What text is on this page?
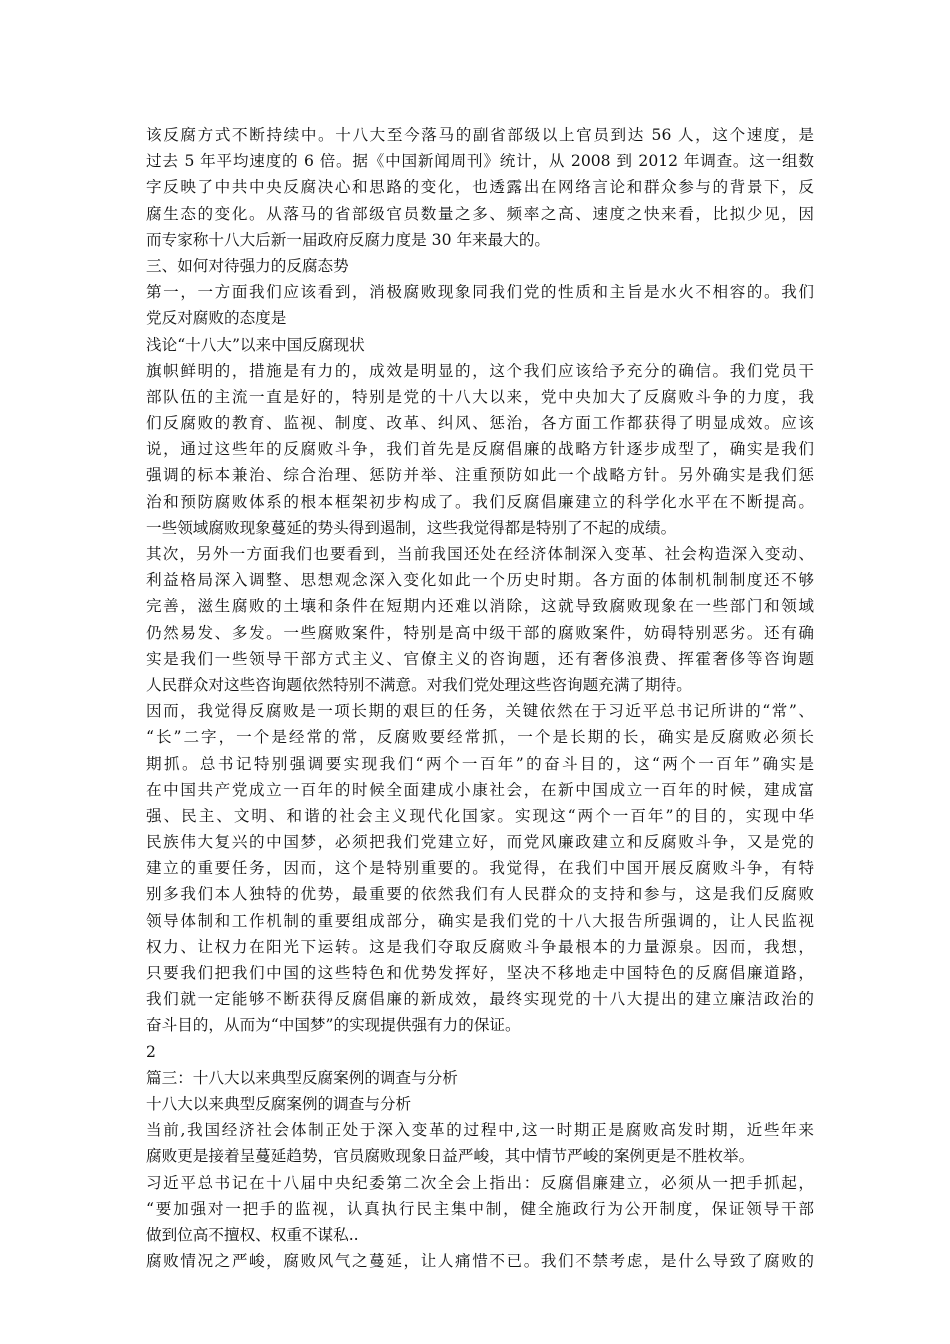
该反腐方式不断持续中。十八大至今落马的副省部级以上官员到达 56 人，这个速度，是
过去 5 年平均速度的 6 倍。据《中国新闻周刊》统计，从 2008 到 2012 年调查。这一组数
字反映了中共中央反腐决心和思路的变化，也透露出在网络言论和群众参与的背景下，反
腐生态的变化。从落马的省部级官员数量之多、频率之高、速度之快来看，比拟少见，因
而专家称十八大后新一届政府反腐力度是 30 年来最大的。
三、如何对待强力的反腐态势
第一，一方面我们应该看到，消极腐败现象同我们党的性质和主旨是水火不相容的。我们
党反对腐败的态度是
浅论“十八大”以来中国反腐现状
旗帜鲜明的，措施是有力的，成效是明显的，这个我们应该给予充分的确信。我们党员干
部队伍的主流一直是好的，特别是党的十八大以来，党中央加大了反腐败斗争的力度，我
们反腐败的教育、监视、制度、改革、纠风、惩治，各方面工作都获得了明显成效。应该
说，通过这些年的反腐败斗争，我们首先是反腐倡廉的战略方针逐步成型了，确实是我们
强调的标本兼治、综合治理、惩防并举、注重预防如此一个战略方针。另外确实是我们惩
治和预防腐败体系的根本框架初步构成了。我们反腐倡廉建立的科学化水平在不断提高。
一些领域腐败现象蔓延的势头得到遏制，这些我觉得都是特别了不起的成绩。
其次，另外一方面我们也要看到，当前我国还处在经济体制深入变革、社会构造深入变动、
利益格局深入调整、思想观念深入变化如此一个历史时期。各方面的体制机制制度还不够
完善，滋生腐败的土壤和条件在短期内还难以消除，这就导致腐败现象在一些部门和领域
仍然易发、多发。一些腐败案件，特别是高中级干部的腐败案件，妨碍特别恶劣。还有确
实是我们一些领导干部方式主义、官僚主义的咨询题，还有奢侈浪费、挥霍奢侈等咨询题
人民群众对这些咨询题依然特别不满意。对我们党处理这些咨询题充满了期待。
因而，我觉得反腐败是一项长期的艰巨的任务，关键依然在于习近平总书记所讲的“常”、
“长”二字，一个是经常的常，反腐败要经常抓，一个是长期的长，确实是反腐败必须长
期抓。总书记特别强调要实现我们“两个一百年”的奋斗目的，这“两个一百年”确实是
在中国共产党成立一百年的时候全面建成小康社会，在新中国成立一百年的时候，建成富
强、民主、文明、和谐的社会主义现代化国家。实现这“两个一百年”的目的，实现中华
民族伟大复兴的中国梦，必须把我们党建立好，而党风廉政建立和反腐败斗争，又是党的
建立的重要任务，因而，这个是特别重要的。我觉得，在我们中国开展反腐败斗争，有特
别多我们本人独特的优势，最重要的依然我们有人民群众的支持和参与，这是我们反腐败
领导体制和工作机制的重要组成部分，确实是我们党的十八大报告所强调的，让人民监视
权力、让权力在阳光下运转。这是我们夺取反腐败斗争最根本的力量源泉。因而，我想，
只要我们把我们中国的这些特色和优势发挥好，坚决不移地走中国特色的反腐倡廉道路，
我们就一定能够不断获得反腐倡廉的新成效，最终实现党的十八大提出的建立廉洁政治的
奋斗目的，从而为“中国梦”的实现提供强有力的保证。
2
篇三：十八大以来典型反腐案例的调查与分析
十八大以来典型反腐案例的调查与分析
当前,我国经济社会体制正处于深入变革的过程中,这一时期正是腐败高发时期，近些年来
腐败更是接着呈蔓延趋势，官员腐败现象日益严峻，其中情节严峻的案例更是不胜枚举。
习近平总书记在十八届中央纪委第二次全会上指出：反腐倡廉建立，必须从一把手抓起，
“要加强对一把手的监视，认真执行民主集中制，健全施政行为公开制度，保证领导干部
做到位高不擅权、权重不谋私..
腐败情况之严峻，腐败风气之蔓延，让人痛惜不已。我们不禁考虑，是什么导致了腐败的
